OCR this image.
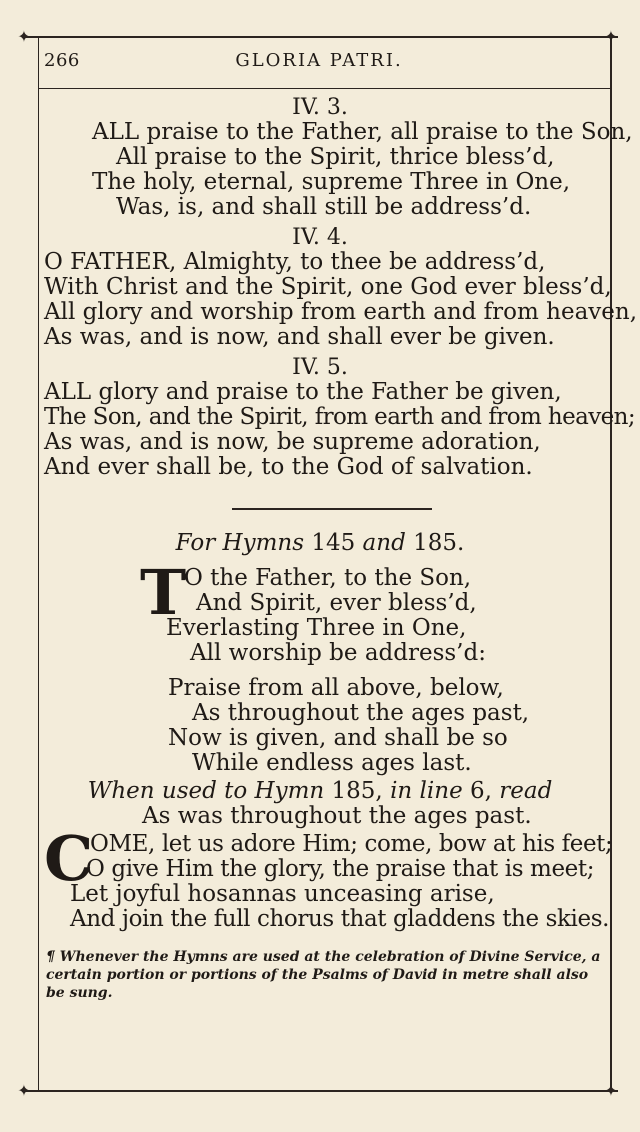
✦	✦
✦	✦
266	GLORIA PATRI.
IV. 3.
ALL praise to the Father, all praise to the Son,
All praise to the Spirit, thrice bless’d,
The holy, eternal, supreme Three in One,
Was, is, and shall still be address’d.
IV. 4.
O FATHER, Almighty, to thee be address’d,
With Christ and the Spirit, one God ever bless’d,
All glory and worship from earth and from heaven,
As was, and is now, and shall ever be given.
IV. 5.
ALL glory and praise to the Father be given,
The Son, and the Spirit, from earth and from heaven;
As was, and is now, be supreme adoration,
And ever shall be, to the God of salvation.
For Hymns 145 and 185.
T
O the Father, to the Son,
And Spirit, ever bless’d,
Everlasting Three in One,
All worship be address’d:
Praise from all above, below,
As throughout the ages past,
Now is given, and shall be so
While endless ages last.
When used to Hymn 185, in line 6, read
As was throughout the ages past.
C
OME, let us adore Him; come, bow at his feet;
O give Him the glory, the praise that is meet;
Let joyful hosannas unceasing arise,
And join the full chorus that gladdens the skies.
¶ Whenever the Hymns are used at the celebration of Divine Service, a certain portion or portions of the Psalms of David in metre shall also be sung.
